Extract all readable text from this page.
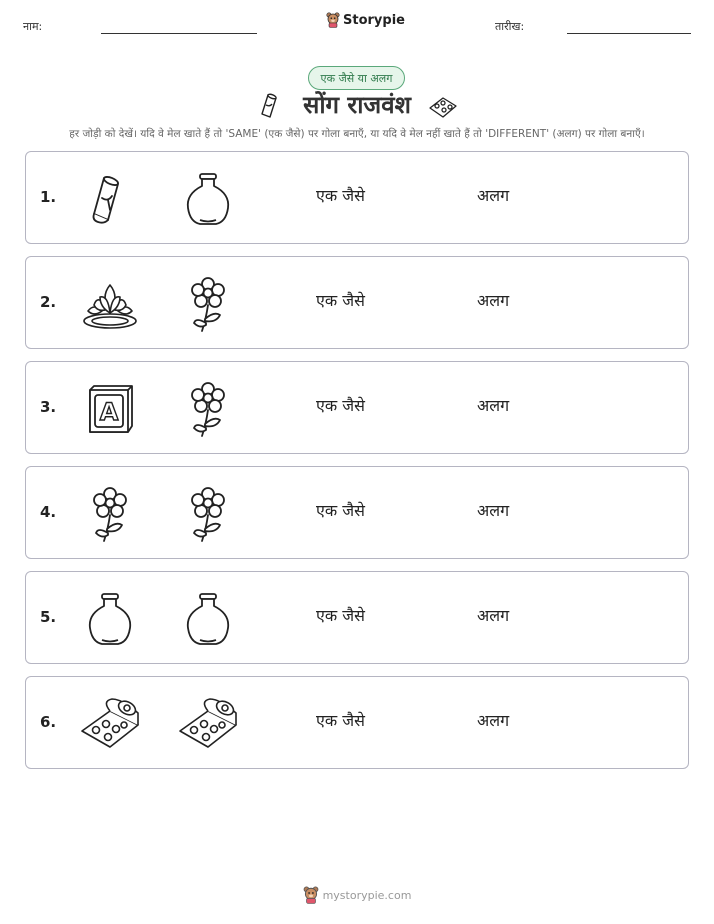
नाम:	Storypie	तारीख:
एक जैसे या अलग
सोंग राजवंश
हर जोड़ी को देखें। यदि वे मेल खाते हैं तो 'SAME' (एक जैसे) पर गोला बनाएँ, या यदि वे मेल नहीं खाते हैं तो 'DIFFERENT' (अलग) पर गोला बनाएँ।
1.	एक जैसे	अलग
2.	एक जैसे	अलग
3. A	एक जैसे	अलग
4.	एक जैसे	अलग
5.	एक जैसे	अलग
6.	एक जैसे	अलग
mystorypie.com
